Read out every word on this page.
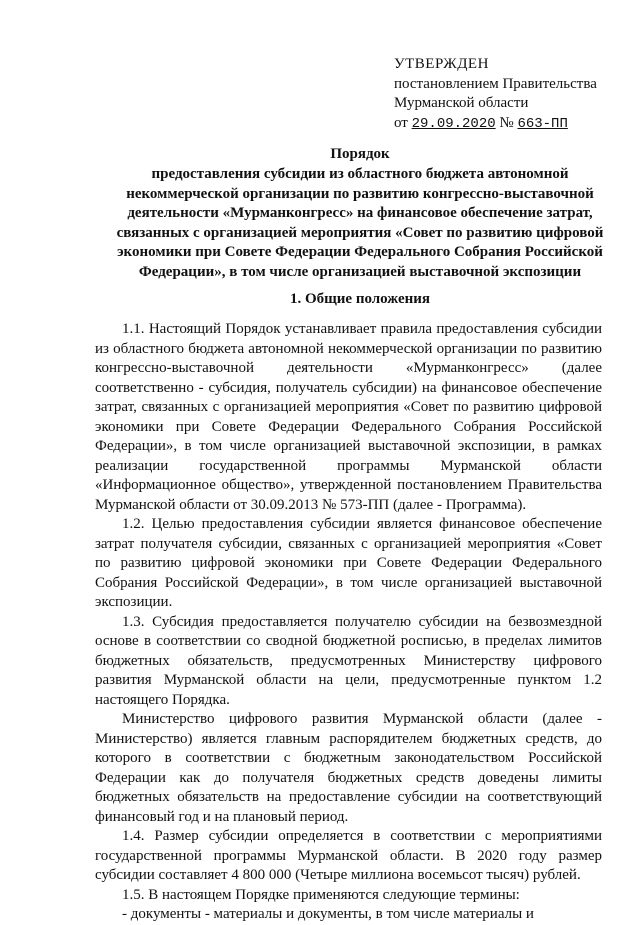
УТВЕРЖДЕН
постановлением Правительства
Мурманской области
от 29.09.2020 № 663-ПП
Порядок
предоставления субсидии из областного бюджета автономной некоммерческой организации по развитию конгрессно-выставочной деятельности «Мурманконгресс» на финансовое обеспечение затрат, связанных с организацией мероприятия «Совет по развитию цифровой экономики при Совете Федерации Федерального Собрания Российской Федерации», в том числе организацией выставочной экспозиции
1. Общие положения

1.1. Настоящий Порядок устанавливает правила предоставления субсидии из областного бюджета автономной некоммерческой организации по развитию конгрессно-выставочной деятельности «Мурманконгресс» (далее соответственно - субсидия, получатель субсидии) на финансовое обеспечение затрат, связанных с организацией мероприятия «Совет по развитию цифровой экономики при Совете Федерации Федерального Собрания Российской Федерации», в том числе организацией выставочной экспозиции, в рамках реализации государственной программы Мурманской области «Информационное общество», утвержденной постановлением Правительства Мурманской области от 30.09.2013 № 573-ПП (далее - Программа).

1.2. Целью предоставления субсидии является финансовое обеспечение затрат получателя субсидии, связанных с организацией мероприятия «Совет по развитию цифровой экономики при Совете Федерации Федерального Собрания Российской Федерации», в том числе организацией выставочной экспозиции.

1.3. Субсидия предоставляется получателю субсидии на безвозмездной основе в соответствии со сводной бюджетной росписью, в пределах лимитов бюджетных обязательств, предусмотренных Министерству цифрового развития Мурманской области на цели, предусмотренные пунктом 1.2 настоящего Порядка.

Министерство цифрового развития Мурманской области (далее - Министерство) является главным распорядителем бюджетных средств, до которого в соответствии с бюджетным законодательством Российской Федерации как до получателя бюджетных средств доведены лимиты бюджетных обязательств на предоставление субсидии на соответствующий финансовый год и на плановый период.

1.4. Размер субсидии определяется в соответствии с мероприятиями государственной программы Мурманской области. В 2020 году размер субсидии составляет 4 800 000 (Четыре миллиона восемьсот тысяч) рублей.

1.5. В настоящем Порядке применяются следующие термины:

- документы - материалы и документы, в том числе материалы и
